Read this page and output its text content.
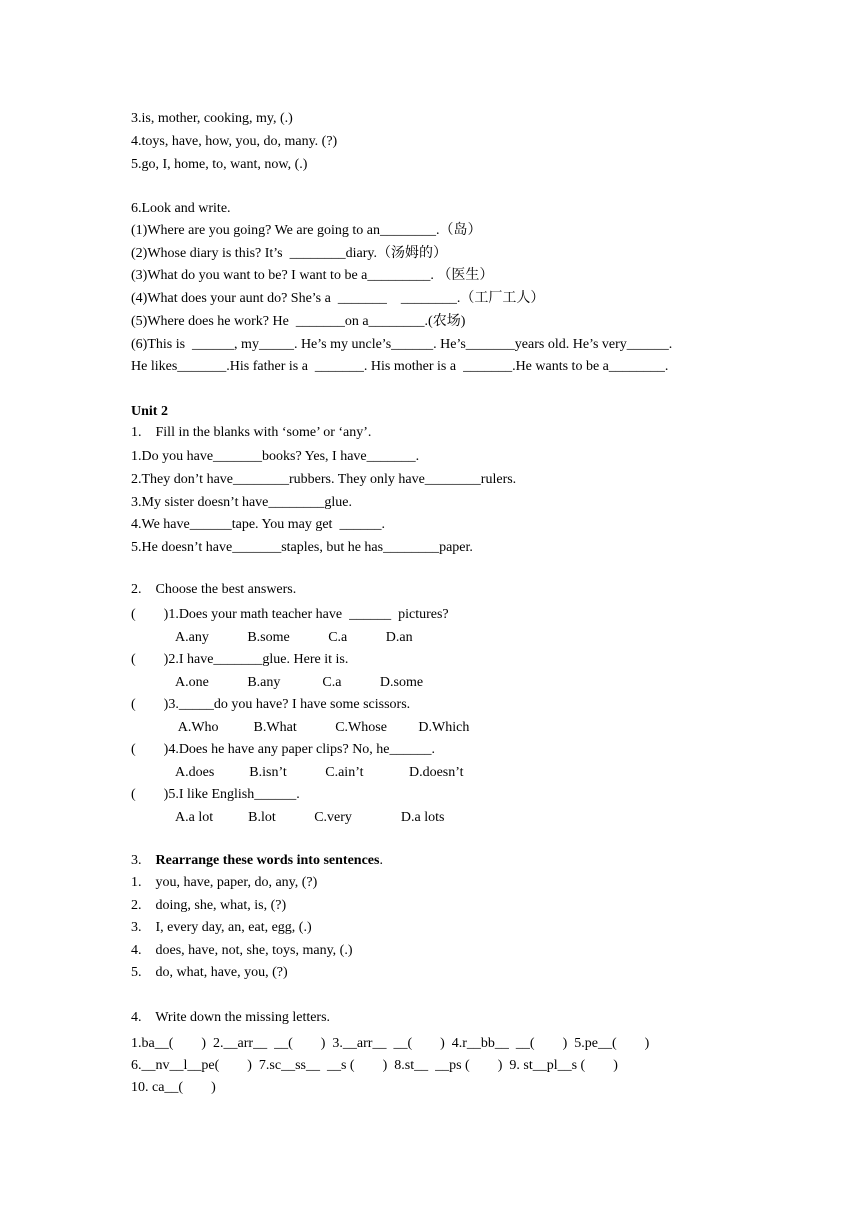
3.is, mother, cooking, my, (.)
4.toys, have, how, you, do, many. (?)
5.go, I, home, to, want, now, (.)
6.Look and write.
(1)Where are you going? We are going to an________.（岛）
(2)Whose diary is this? It’s  ________diary.（汤姆的）
(3)What do you want to be? I want to be a_________. （医生）
(4)What does your aunt do? She’s a  _______    ________.（工厂工人）
(5)Where does he work? He  _______on a________.(农场)
(6)This is  ______, my_____. He’s my uncle’s______. He’s_______years old. He’s very______.
He likes_______.His father is a  _______. His mother is a  _______.He wants to be a________.
Unit 2
1.    Fill in the blanks with ‘some’ or ‘any’.
1.Do you have_______books? Yes, I have_______.
2.They don’t have________rubbers. They only have________rulers.
3.My sister doesn’t have________glue.
4.We have______tape. You may get  ______.
5.He doesn’t have_______staples, but he has________paper.
2.    Choose the best answers.
(        )1.Does your math teacher have  ______  pictures?
A.any           B.some           C.a           D.an
(        )2.I have_______glue. Here it is.
A.one           B.any            C.a           D.some
(        )3._____do you have? I have some scissors.
A.Who          B.What           C.Whose         D.Which
(        )4.Does he have any paper clips? No, he______.
A.does          B.isn’t           C.ain’t             D.doesn’t
(        )5.I like English______.
A.a lot          B.lot           C.very              D.a lots
3.    Rearrange these words into sentences.
1.    you, have, paper, do, any, (?)
2.    doing, she, what, is, (?)
3.    I, every day, an, eat, egg, (.)
4.    does, have, not, she, toys, many, (.)
5.    do, what, have, you, (?)
4.    Write down the missing letters.
1.ba__(        )  2.__arr__  __(        )  3.__arr__  __(        )  4.r__bb__  __(        )  5.pe__(        )
6.__nv__l__pe(        )  7.sc__ss__  __s (        )  8.st__  __ps (        )  9. st__pl__s (        )
10. ca__(        )
